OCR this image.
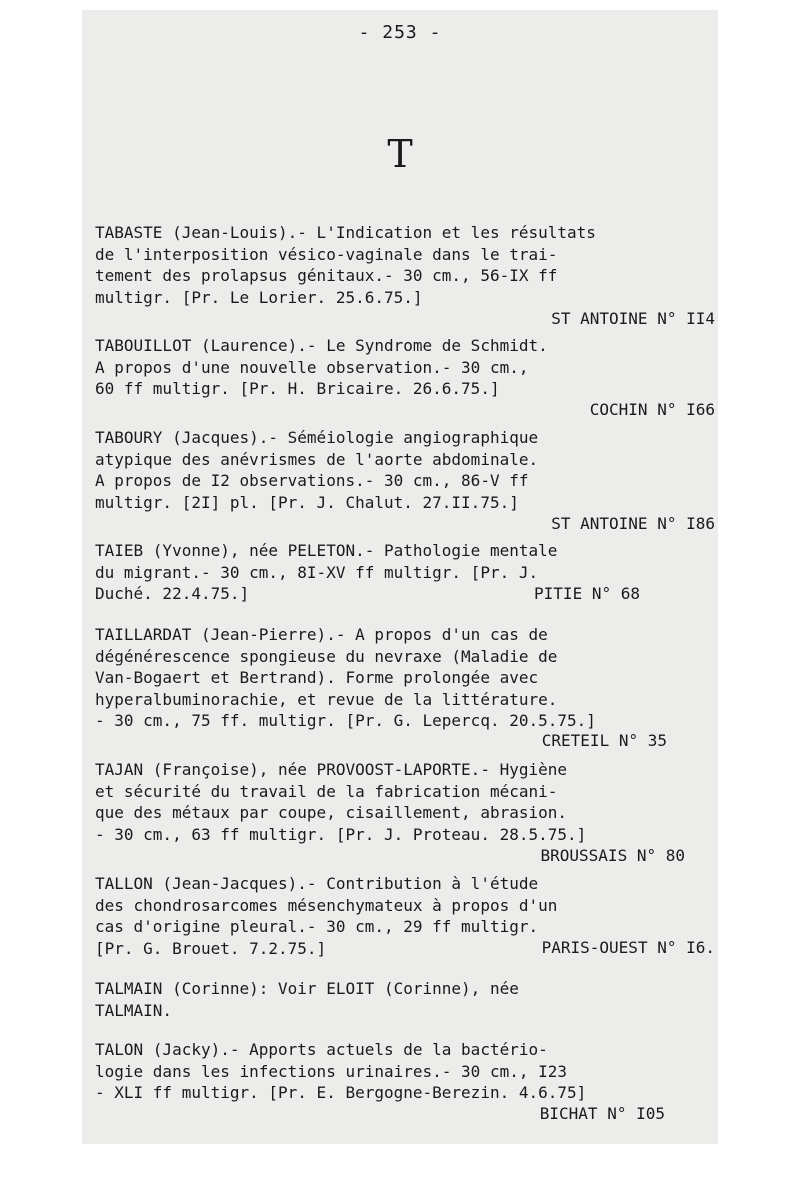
- 253 -
T
TABASTE (Jean-Louis).- L'Indication et les résultats
de l'interposition vésico-vaginale dans le trai-
tement des prolapsus génitaux.- 30 cm., 56-IX ff
multigr. [Pr. Le Lorier. 25.6.75.]
ST ANTOINE N° II4
TABOUILLOT (Laurence).- Le Syndrome de Schmidt.
A propos d'une nouvelle observation.- 30 cm.,
60 ff multigr. [Pr. H. Bricaire. 26.6.75.]
COCHIN N° I66
TABOURY (Jacques).- Séméiologie angiographique
atypique des anévrismes de l'aorte abdominale.
A propos de I2 observations.- 30 cm., 86-V ff
multigr. [2I] pl. [Pr. J. Chalut. 27.II.75.]
ST ANTOINE N° I86
TAIEB (Yvonne), née PELETON.- Pathologie mentale
du migrant.- 30 cm., 8I-XV ff multigr. [Pr. J.
Duché. 22.4.75.]	PITIE N° 68
TAILLARDAT (Jean-Pierre).- A propos d'un cas de
dégénérescence spongieuse du nevraxe (Maladie de
Van-Bogaert et Bertrand). Forme prolongée avec
hyperalbuminorachie, et revue de la littérature.
- 30 cm., 75 ff. multigr. [Pr. G. Lepercq. 20.5.75.]
CRETEIL N° 35
TAJAN (Françoise), née PROVOOST-LAPORTE.- Hygiène
et sécurité du travail de la fabrication mécani-
que des métaux par coupe, cisaillement, abrasion.
- 30 cm., 63 ff multigr. [Pr. J. Proteau. 28.5.75.]
BROUSSAIS N° 80
TALLON (Jean-Jacques).- Contribution à l'étude
des chondrosarcomes mésenchymateux à propos d'un
cas d'origine pleural.- 30 cm., 29 ff multigr.
[Pr. G. Brouet. 7.2.75.]	PARIS-OUEST N° I6.
TALMAIN (Corinne): Voir ELOIT (Corinne), née
TALMAIN.
TALON (Jacky).- Apports actuels de la bactério-
logie dans les infections urinaires.- 30 cm., I23
- XLI ff multigr. [Pr. E. Bergogne-Berezin. 4.6.75]
BICHAT N° I05
